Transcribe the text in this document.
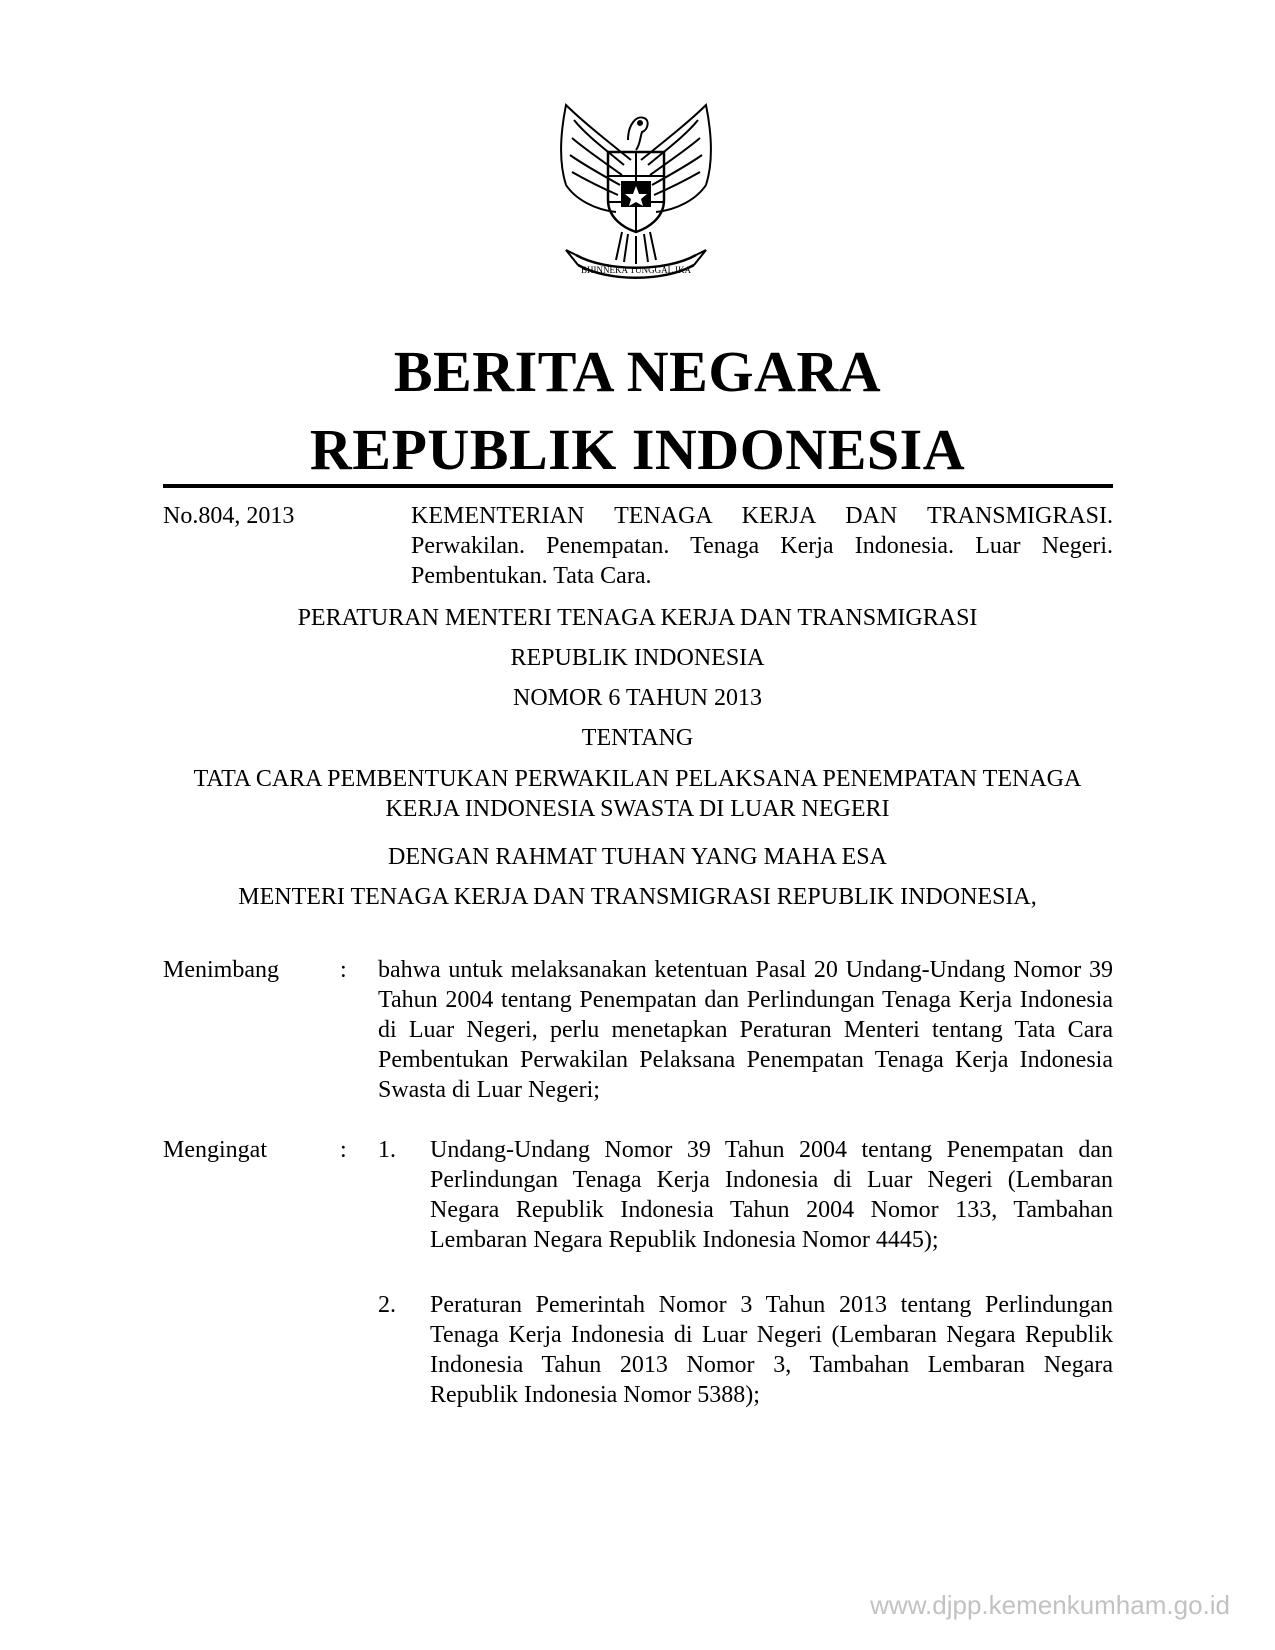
BHINNEKA TUNGGAL IKA
BERITA NEGARA
REPUBLIK INDONESIA
No.804, 2013	KEMENTERIAN TENAGA KERJA DAN TRANSMIGRASI. Perwakilan. Penempatan. Tenaga Kerja Indonesia. Luar Negeri. Pembentukan. Tata Cara.
PERATURAN MENTERI TENAGA KERJA DAN TRANSMIGRASI
REPUBLIK INDONESIA
NOMOR 6 TAHUN 2013
TENTANG
TATA CARA PEMBENTUKAN PERWAKILAN PELAKSANA PENEMPATAN TENAGA KERJA INDONESIA SWASTA DI LUAR NEGERI
DENGAN RAHMAT TUHAN YANG MAHA ESA
MENTERI TENAGA KERJA DAN TRANSMIGRASI REPUBLIK INDONESIA,
Menimbang	: bahwa untuk melaksanakan ketentuan Pasal 20 Undang-Undang Nomor 39 Tahun 2004 tentang Penempatan dan Perlindungan Tenaga Kerja Indonesia di Luar Negeri, perlu menetapkan Peraturan Menteri tentang Tata Cara Pembentukan Perwakilan Pelaksana Penempatan Tenaga Kerja Indonesia Swasta di Luar Negeri;
Mengingat	: 1. Undang-Undang Nomor 39 Tahun 2004 tentang Penempatan dan Perlindungan Tenaga Kerja Indonesia di Luar Negeri (Lembaran Negara Republik Indonesia Tahun 2004 Nomor 133, Tambahan Lembaran Negara Republik Indonesia Nomor 4445);
2. Peraturan Pemerintah Nomor 3 Tahun 2013 tentang Perlindungan Tenaga Kerja Indonesia di Luar Negeri (Lembaran Negara Republik Indonesia Tahun 2013 Nomor 3, Tambahan Lembaran Negara Republik Indonesia Nomor 5388);
www.djpp.kemenkumham.go.id
